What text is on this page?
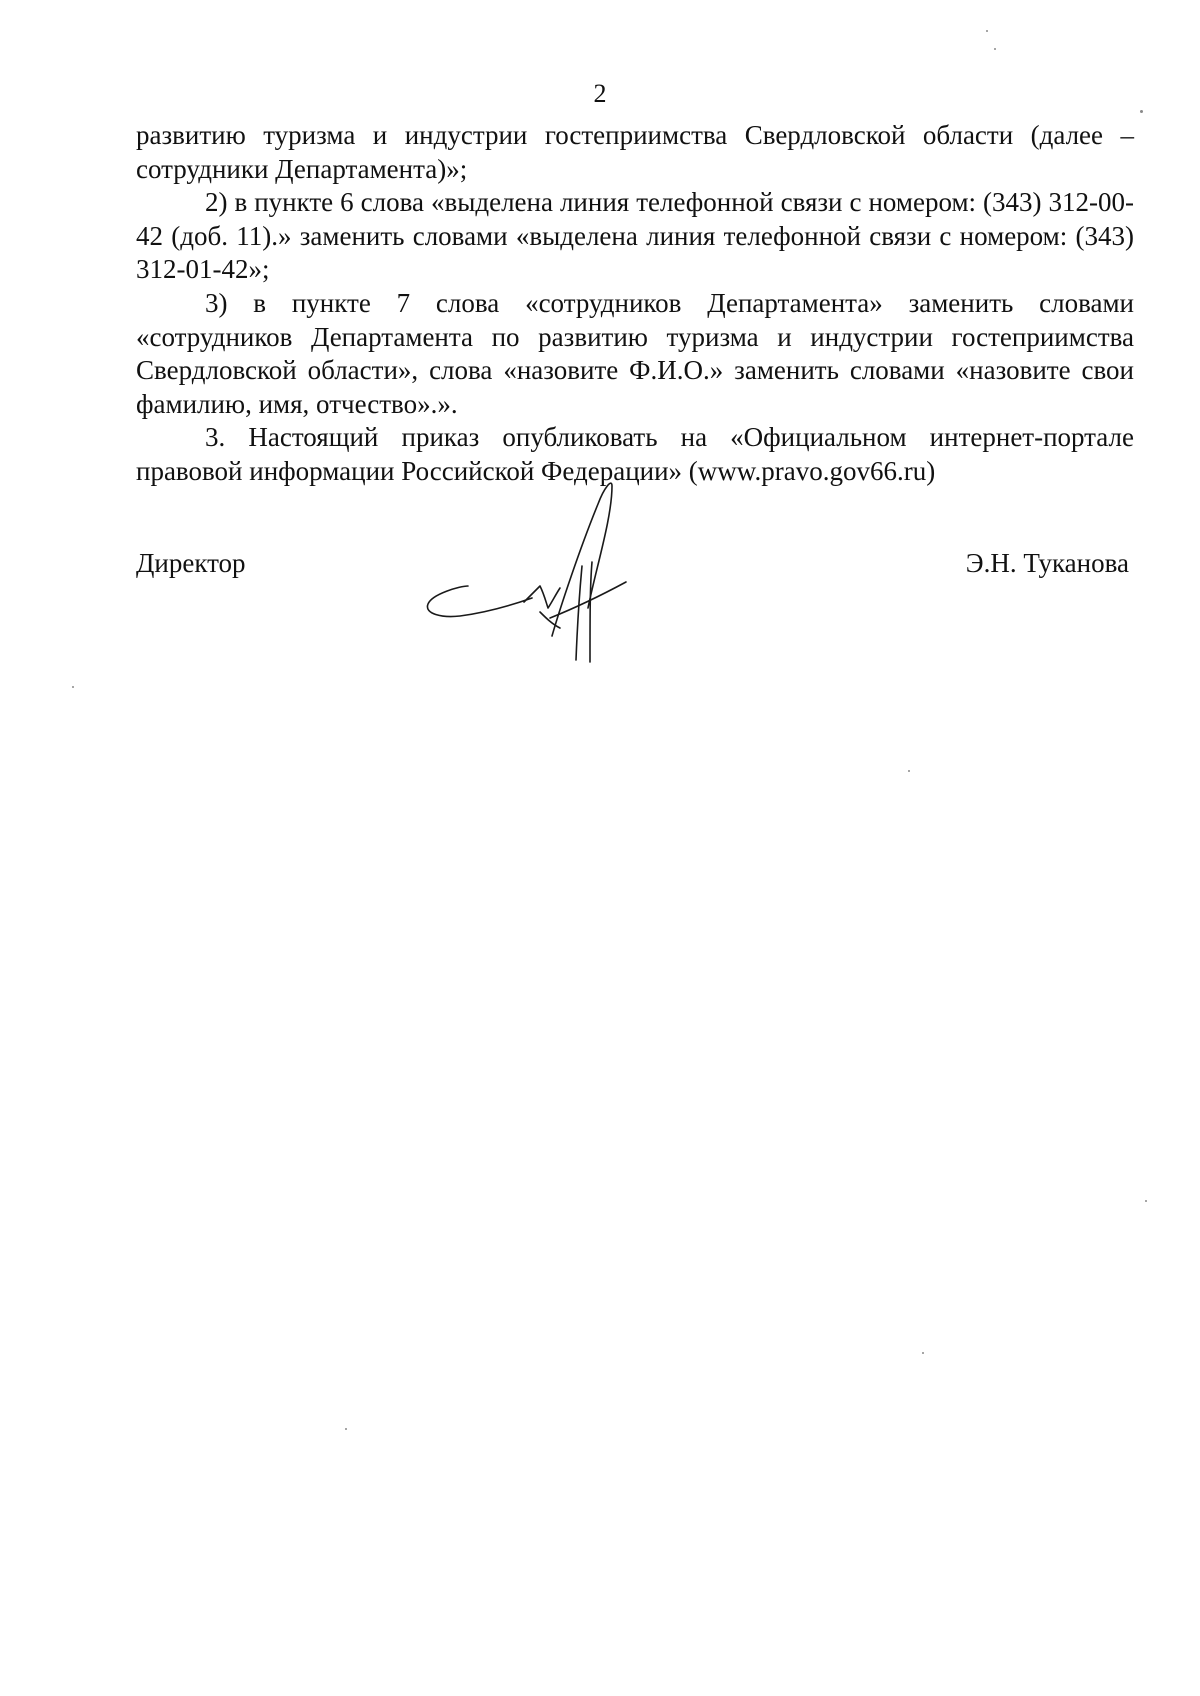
2

развитию туризма и индустрии гостеприимства Свердловской области (далее – сотрудники Департамента)»;

2) в пункте 6 слова «выделена линия телефонной связи с номером: (343) 312-00-42 (доб. 11).» заменить словами «выделена линия телефонной связи с номером: (343) 312-01-42»;

3) в пункте 7 слова «сотрудников Департамента» заменить словами «сотрудников Департамента по развитию туризма и индустрии гостеприимства Свердловской области», слова «назовите Ф.И.О.» заменить словами «назовите свои фамилию, имя, отчество».».

3. Настоящий приказ опубликовать на «Официальном интернет-портале правовой информации Российской Федерации» (www.pravo.gov66.ru)

Директор	Э.Н. Туканова
